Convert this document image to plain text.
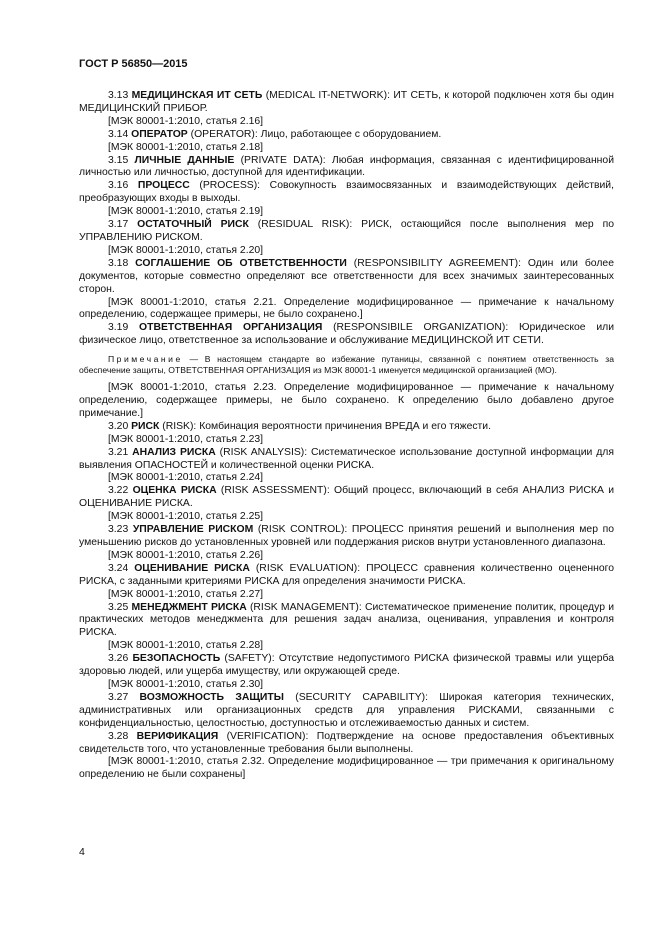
ГОСТ Р 56850—2015

3.13 МЕДИЦИНСКАЯ ИТ СЕТЬ (MEDICAL IT-NETWORK): ИТ СЕТЬ, к которой подключен хотя бы один МЕДИЦИНСКИЙ ПРИБОР.

[МЭК 80001-1:2010, статья 2.16]

3.14 ОПЕРАТОР (OPERATOR): Лицо, работающее с оборудованием.

[МЭК 80001-1:2010, статья 2.18]

3.15 ЛИЧНЫЕ ДАННЫЕ (PRIVATE DATA): Любая информация, связанная с идентифицированной личностью или личностью, доступной для идентификации.

3.16 ПРОЦЕСС (PROCESS): Совокупность взаимосвязанных и взаимодействующих действий, преобразующих входы в выходы.

[МЭК 80001-1:2010, статья 2.19]

3.17 ОСТАТОЧНЫЙ РИСК (RESIDUAL RISK): РИСК, остающийся после выполнения мер по УПРАВЛЕНИЮ РИСКОМ.

[МЭК 80001-1:2010, статья 2.20]

3.18 СОГЛАШЕНИЕ ОБ ОТВЕТСТВЕННОСТИ (RESPONSIBILITY AGREEMENT): Один или более документов, которые совместно определяют все ответственности для всех значимых заинтересованных сторон.

[МЭК 80001-1:2010, статья 2.21. Определение модифицированное — примечание к начальному определению, содержащее примеры, не было сохранено.]

3.19 ОТВЕТСТВЕННАЯ ОРГАНИЗАЦИЯ (RESPONSIBILE ORGANIZATION): Юридическое или физическое лицо, ответственное за использование и обслуживание МЕДИЦИНСКОЙ ИТ СЕТИ.

Примечание — В настоящем стандарте во избежание путаницы, связанной с понятием ответственность за обеспечение защиты, ОТВЕТСТВЕННАЯ ОРГАНИЗАЦИЯ из МЭК 80001-1 именуется медицинской организацией (МО).

[МЭК 80001-1:2010, статья 2.23. Определение модифицированное — примечание к начальному определению, содержащее примеры, не было сохранено. К определению было добавлено другое примечание.]

3.20 РИСК (RISK): Комбинация вероятности причинения ВРЕДА и его тяжести.

[МЭК 80001-1:2010, статья 2.23]

3.21 АНАЛИЗ РИСКА (RISK ANALYSIS): Систематическое использование доступной информации для выявления ОПАСНОСТЕЙ и количественной оценки РИСКА.

[МЭК 80001-1:2010, статья 2.24]

3.22 ОЦЕНКА РИСКА (RISK ASSESSMENT): Общий процесс, включающий в себя АНАЛИЗ РИСКА и ОЦЕНИВАНИЕ РИСКА.

[МЭК 80001-1:2010, статья 2.25]

3.23 УПРАВЛЕНИЕ РИСКОМ (RISK CONTROL): ПРОЦЕСС принятия решений и выполнения мер по уменьшению рисков до установленных уровней или поддержания рисков внутри установленного диапазона.

[МЭК 80001-1:2010, статья 2.26]

3.24 ОЦЕНИВАНИЕ РИСКА (RISK EVALUATION): ПРОЦЕСС сравнения количественно оцененного РИСКА, с заданными критериями РИСКА для определения значимости РИСКА.

[МЭК 80001-1:2010, статья 2.27]

3.25 МЕНЕДЖМЕНТ РИСКА (RISK MANAGEMENT): Систематическое применение политик, процедур и практических методов менеджмента для решения задач анализа, оценивания, управления и контроля РИСКА.

[МЭК 80001-1:2010, статья 2.28]

3.26 БЕЗОПАСНОСТЬ (SAFETY): Отсутствие недопустимого РИСКА физической травмы или ущерба здоровью людей, или ущерба имуществу, или окружающей среде.

[МЭК 80001-1:2010, статья 2.30]

3.27 ВОЗМОЖНОСТЬ ЗАЩИТЫ (SECURITY CAPABILITY): Широкая категория технических, административных или организационных средств для управления РИСКАМИ, связанными с конфиденциальностью, целостностью, доступностью и отслеживаемостью данных и систем.

3.28 ВЕРИФИКАЦИЯ (VERIFICATION): Подтверждение на основе предоставления объективных свидетельств того, что установленные требования были выполнены.

[МЭК 80001-1:2010, статья 2.32. Определение модифицированное — три примечания к оригинальному определению не были сохранены]

4
